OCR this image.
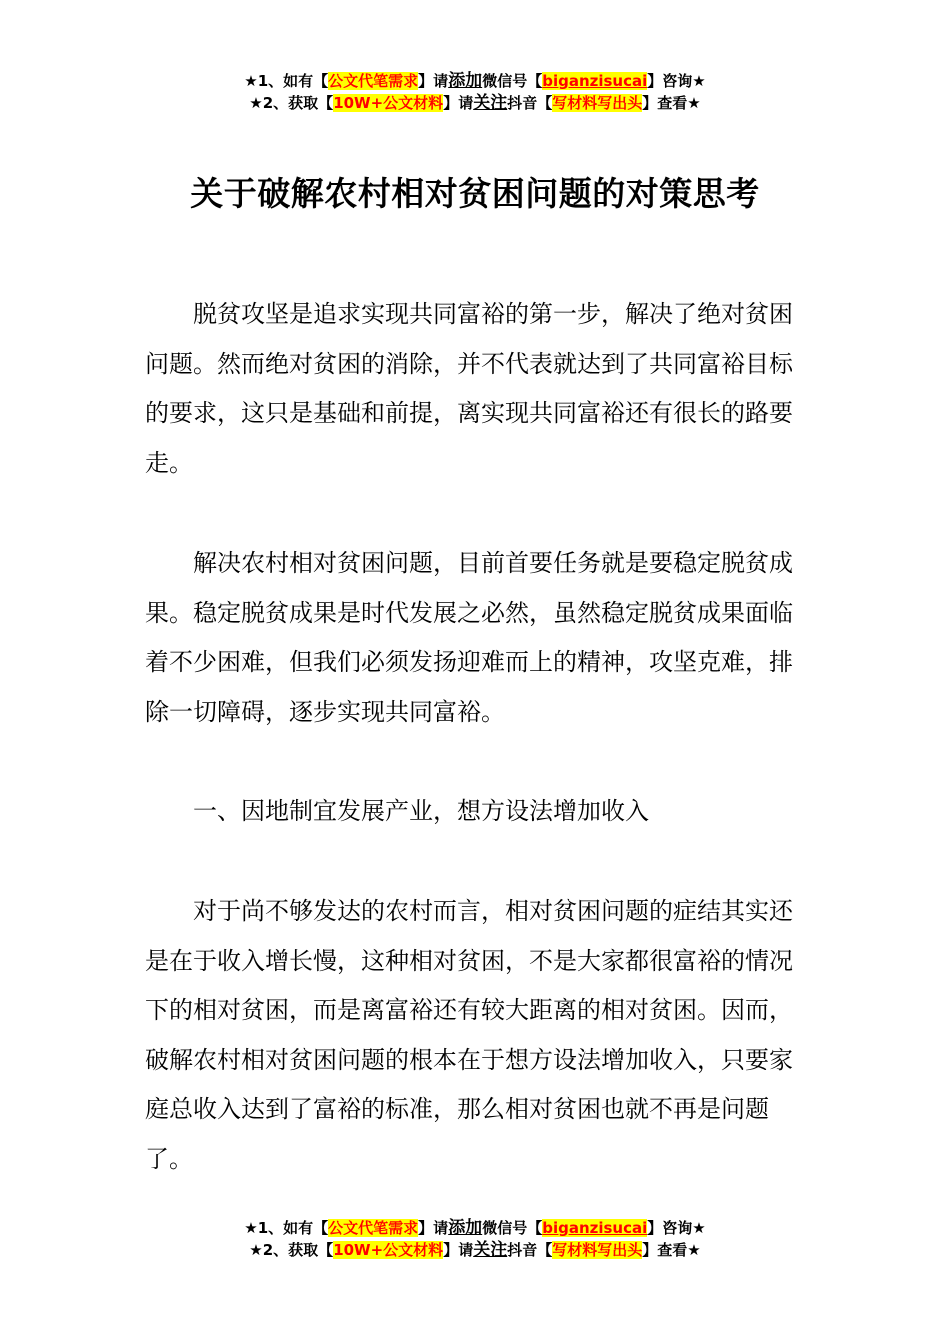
★1、如有【公文代笔需求】请添加微信号【biganzisucai】咨询★
★2、获取【10W+公文材料】请关注抖音【写材料写出头】查看★
关于破解农村相对贫困问题的对策思考

脱贫攻坚是追求实现共同富裕的第一步，解决了绝对贫困问题。然而绝对贫困的消除，并不代表就达到了共同富裕目标的要求，这只是基础和前提，离实现共同富裕还有很长的路要走。

解决农村相对贫困问题，目前首要任务就是要稳定脱贫成果。稳定脱贫成果是时代发展之必然，虽然稳定脱贫成果面临着不少困难，但我们必须发扬迎难而上的精神，攻坚克难，排除一切障碍，逐步实现共同富裕。

一、因地制宜发展产业，想方设法增加收入

对于尚不够发达的农村而言，相对贫困问题的症结其实还是在于收入增长慢，这种相对贫困，不是大家都很富裕的情况下的相对贫困，而是离富裕还有较大距离的相对贫困。因而，破解农村相对贫困问题的根本在于想方设法增加收入，只要家庭总收入达到了富裕的标准，那么相对贫困也就不再是问题了。

★1、如有【公文代笔需求】请添加微信号【biganzisucai】咨询★
★2、获取【10W+公文材料】请关注抖音【写材料写出头】查看★
